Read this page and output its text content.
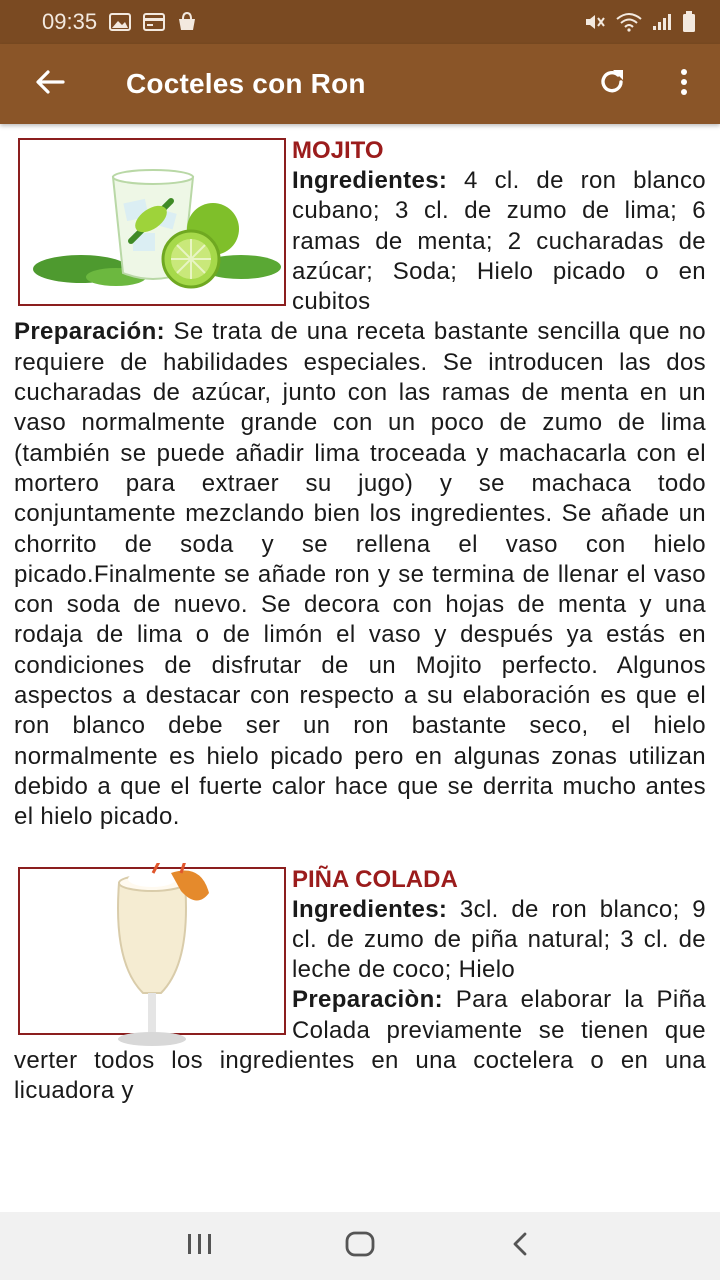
09:35
Cocteles con Ron
MOJITO

Ingredientes: 4 cl. de ron blanco cubano; 3 cl. de zumo de lima; 6 ramas de menta; 2 cucharadas de azúcar; Soda; Hielo picado o en cubitos

Preparación: Se trata de una receta bastante sencilla que no requiere de habilidades especiales. Se introducen las dos cucharadas de azúcar, junto con las ramas de menta en un vaso normalmente grande con un poco de zumo de lima (también se puede añadir lima troceada y machacarla con el mortero para extraer su jugo) y se machaca todo conjuntamente mezclando bien los ingredientes. Se añade un chorrito de soda y se rellena el vaso con hielo picado.Finalmente se añade ron y se termina de llenar el vaso con soda de nuevo. Se decora con hojas de menta y una rodaja de lima o de limón el vaso y después ya estás en condiciones de disfrutar de un Mojito perfecto. Algunos aspectos a destacar con respecto a su elaboración es que el ron blanco debe ser un ron bastante seco, el hielo normalmente es hielo picado pero en algunas zonas utilizan debido a que el fuerte calor hace que se derrita mucho antes el hielo picado.

PIÑA COLADA

Ingredientes: 3cl. de ron blanco; 9 cl. de zumo de piña natural; 3 cl. de leche de coco; Hielo

Preparaciòn: Para elaborar la Piña Colada previamente se tienen que verter todos los ingredientes en una coctelera o en una licuadora y
